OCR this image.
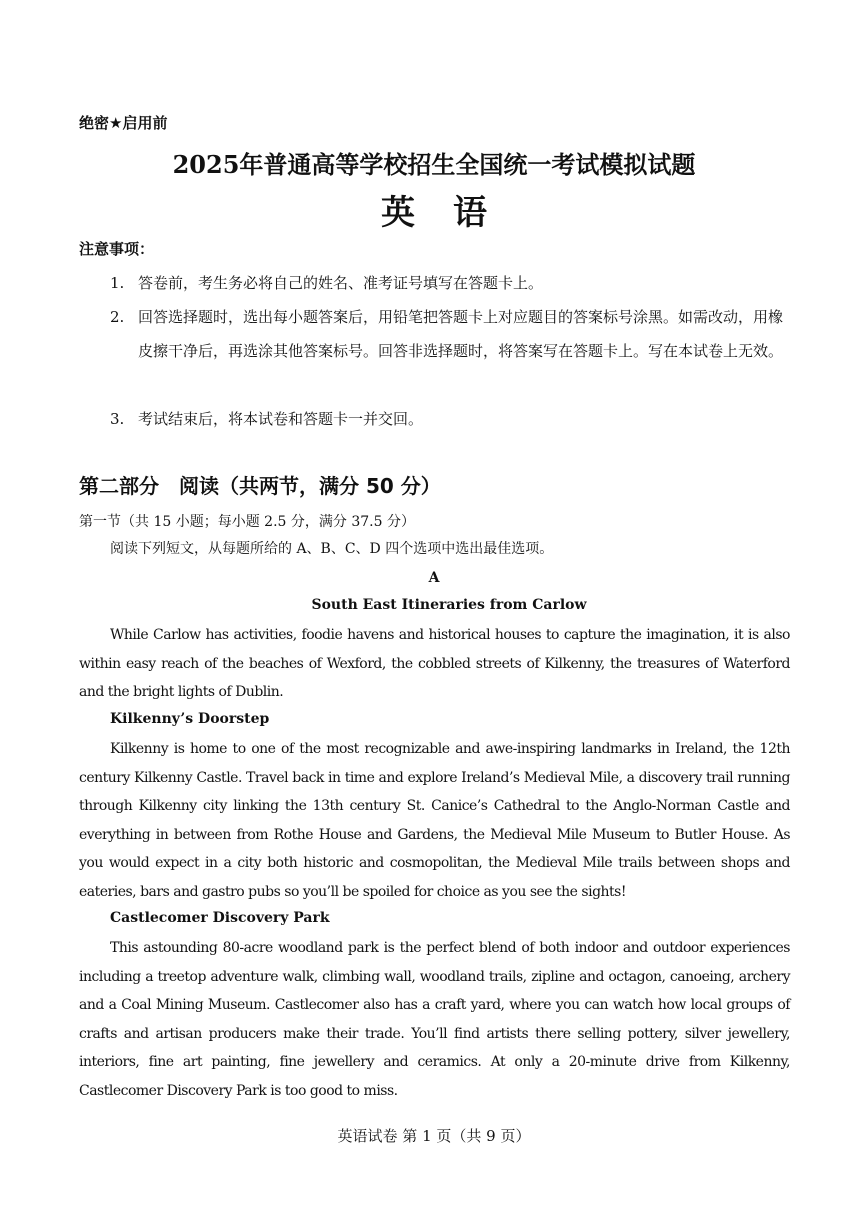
绝密★启用前
2025年普通高等学校招生全国统一考试模拟试题
英语
注意事项：
1. 答卷前，考生务必将自己的姓名、准考证号填写在答题卡上。
2. 回答选择题时，选出每小题答案后，用铅笔把答题卡上对应题目的答案标号涂黑。如需改动，用橡皮擦干净后，再选涂其他答案标号。回答非选择题时，将答案写在答题卡上。写在本试卷上无效。
3. 考试结束后，将本试卷和答题卡一并交回。
第二部分　阅读（共两节，满分 50 分）
第一节（共 15 小题；每小题 2.5 分，满分 37.5 分）
阅读下列短文，从每题所给的 A、B、C、D 四个选项中选出最佳选项。
A
South East Itineraries from Carlow

While Carlow has activities, foodie havens and historical houses to capture the imagination, it is also within easy reach of the beaches of Wexford, the cobbled streets of Kilkenny, the treasures of Waterford and the bright lights of Dublin.

Kilkenny’s Doorstep

Kilkenny is home to one of the most recognizable and awe-inspiring landmarks in Ireland, the 12th century Kilkenny Castle. Travel back in time and explore Ireland’s Medieval Mile, a discovery trail running through Kilkenny city linking the 13th century St. Canice’s Cathedral to the Anglo-Norman Castle and everything in between from Rothe House and Gardens, the Medieval Mile Museum to Butler House. As you would expect in a city both historic and cosmopolitan, the Medieval Mile trails between shops and eateries, bars and gastro pubs so you’ll be spoiled for choice as you see the sights!

Castlecomer Discovery Park

This astounding 80-acre woodland park is the perfect blend of both indoor and outdoor experiences including a treetop adventure walk, climbing wall, woodland trails, zipline and octagon, canoeing, archery and a Coal Mining Museum. Castlecomer also has a craft yard, where you can watch how local groups of crafts and artisan producers make their trade. You’ll find artists there selling pottery, silver jewellery, interiors, fine art painting, fine jewellery and ceramics. At only a 20-minute drive from Kilkenny, Castlecomer Discovery Park is too good to miss.

英语试卷 第 1 页（共 9 页）
